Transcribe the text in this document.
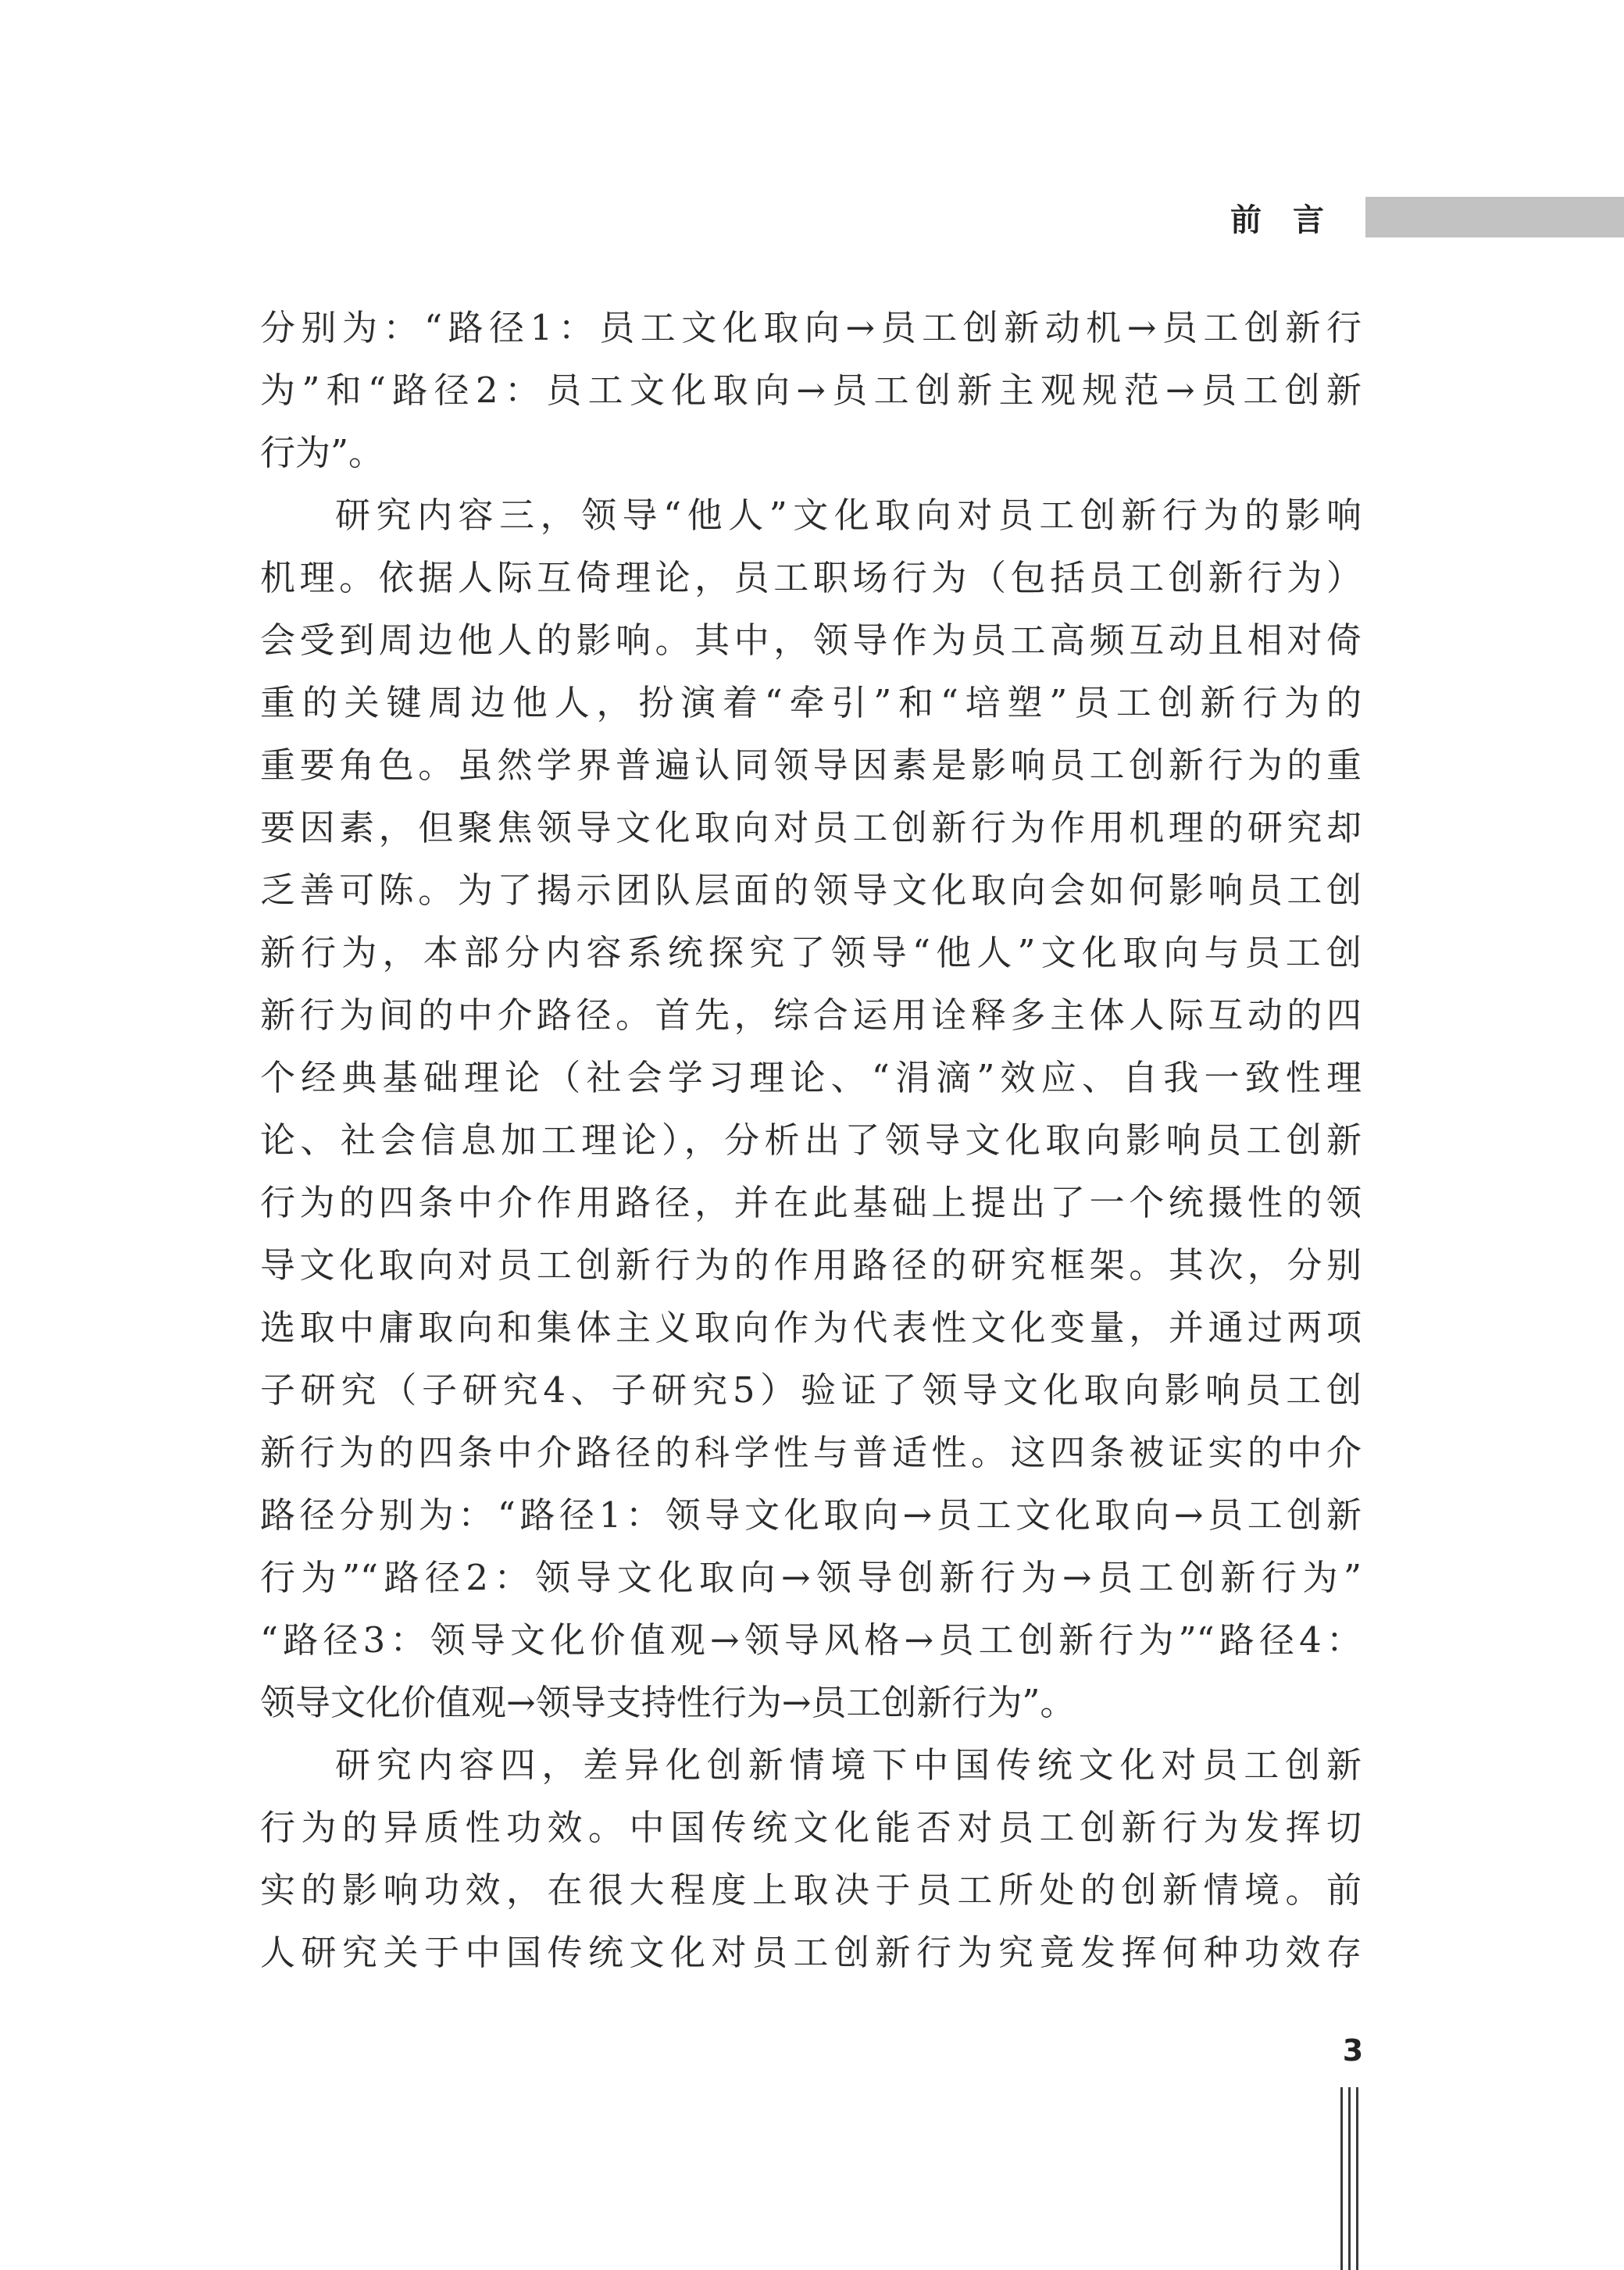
前言
分别为：“路径1：员工文化取向→员工创新动机→员工创新行
为”和“路径2：员工文化取向→员工创新主观规范→员工创新
行为”。
研究内容三，领导“他人”文化取向对员工创新行为的影响
机理。依据人际互倚理论，员工职场行为（包括员工创新行为）
会受到周边他人的影响。其中，领导作为员工高频互动且相对倚
重的关键周边他人，扮演着“牵引”和“培塑”员工创新行为的
重要角色。虽然学界普遍认同领导因素是影响员工创新行为的重
要因素，但聚焦领导文化取向对员工创新行为作用机理的研究却
乏善可陈。为了揭示团队层面的领导文化取向会如何影响员工创
新行为，本部分内容系统探究了领导“他人”文化取向与员工创
新行为间的中介路径。首先，综合运用诠释多主体人际互动的四
个经典基础理论（社会学习理论、“涓滴”效应、自我一致性理
论、社会信息加工理论），分析出了领导文化取向影响员工创新
行为的四条中介作用路径，并在此基础上提出了一个统摄性的领
导文化取向对员工创新行为的作用路径的研究框架。其次，分别
选取中庸取向和集体主义取向作为代表性文化变量，并通过两项
子研究（子研究4、子研究5）验证了领导文化取向影响员工创
新行为的四条中介路径的科学性与普适性。这四条被证实的中介
路径分别为：“路径1：领导文化取向→员工文化取向→员工创新
行为”“路径2：领导文化取向→领导创新行为→员工创新行为”
“路径3：领导文化价值观→领导风格→员工创新行为”“路径4：
领导文化价值观→领导支持性行为→员工创新行为”。
研究内容四，差异化创新情境下中国传统文化对员工创新
行为的异质性功效。中国传统文化能否对员工创新行为发挥切
实的影响功效，在很大程度上取决于员工所处的创新情境。前
人研究关于中国传统文化对员工创新行为究竟发挥何种功效存
3
